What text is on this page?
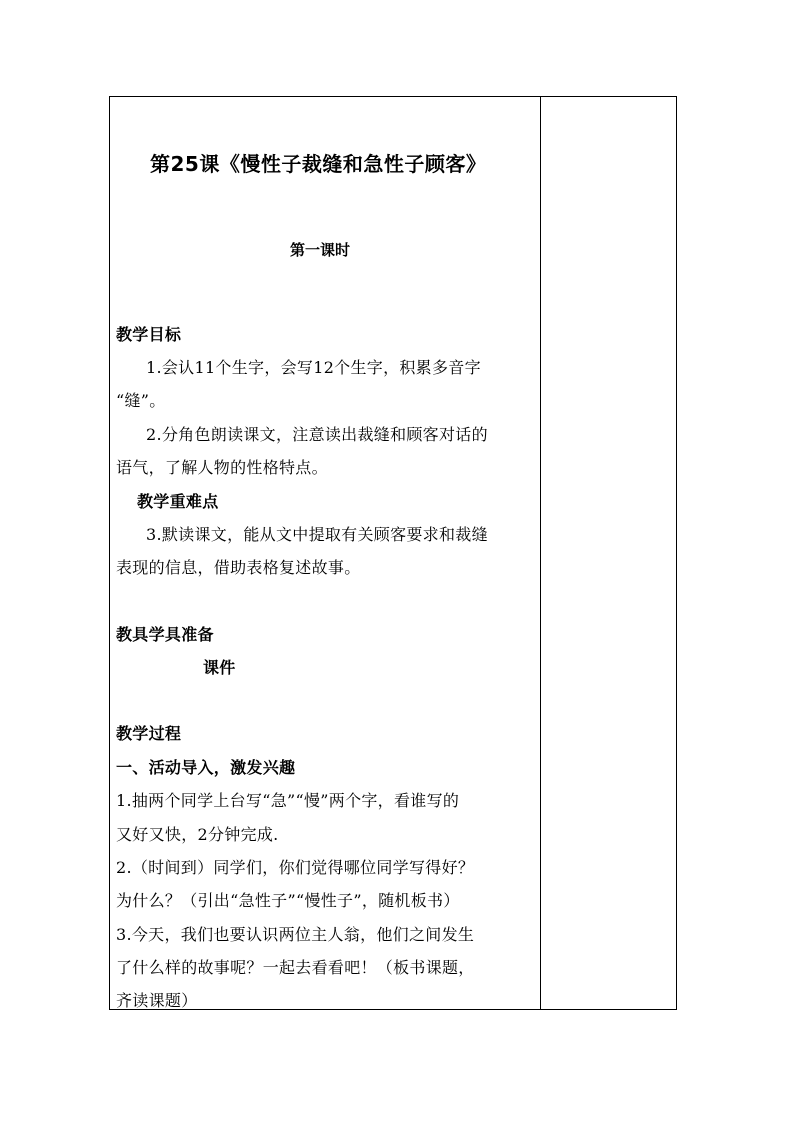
第25课《慢性子裁缝和急性子顾客》
第一课时
教学目标
1.会认11个生字，会写12个生字，积累多音字
“缝”。
2.分角色朗读课文，注意读出裁缝和顾客对话的
语气，了解人物的性格特点。
教学重难点
3.默读课文，能从文中提取有关顾客要求和裁缝
表现的信息，借助表格复述故事。
教具学具准备
课件
教学过程
一、活动导入，激发兴趣
1.抽两个同学上台写“急”“慢”两个字，看谁写的
又好又快，2分钟完成.
2.（时间到）同学们，你们觉得哪位同学写得好？
为什么？（引出“急性子”“慢性子”，随机板书）
3.今天，我们也要认识两位主人翁，他们之间发生
了什么样的故事呢？一起去看看吧！（板书课题，
齐读课题）
